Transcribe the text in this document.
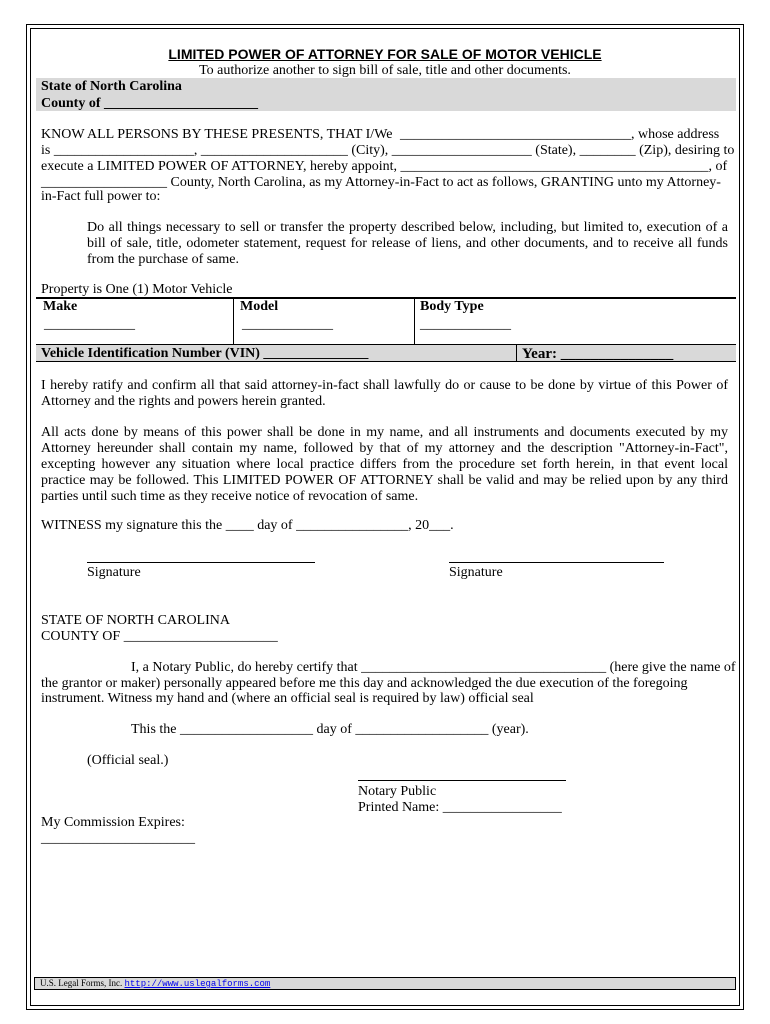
LIMITED POWER OF ATTORNEY FOR SALE OF MOTOR VEHICLE
To authorize another to sign bill of sale, title and other documents.
State of North Carolina
County of ______________________
KNOW ALL PERSONS BY THESE PRESENTS, THAT I/We _________________________________, whose address
is ____________________, _____________________ (City), ____________________ (State), ________ (Zip), desiring to
execute a LIMITED POWER OF ATTORNEY, hereby appoint, ____________________________________________, of
__________________ County, North Carolina, as my Attorney-in-Fact to act as follows, GRANTING unto my Attorney-
in-Fact full power to:
Do all things necessary to sell or transfer the property described below, including, but limited to, execution of a bill of sale, title, odometer statement, request for release of liens, and other documents, and to receive all funds from the purchase of same.
Property is One (1) Motor Vehicle
Make	Model	Body Type
_____________	_____________	_____________
Vehicle Identification Number (VIN) _______________	Year: _______________
I hereby ratify and confirm all that said attorney-in-fact shall lawfully do or cause to be done by virtue of this Power of Attorney and the rights and powers herein granted.
All acts done by means of this power shall be done in my name, and all instruments and documents executed by my Attorney hereunder shall contain my name, followed by that of my attorney and the description "Attorney-in-Fact", excepting however any situation where local practice differs from the procedure set forth herein, in that event local practice may be followed. This LIMITED POWER OF ATTORNEY shall be valid and may be relied upon by any third parties until such time as they receive notice of revocation of same.
WITNESS my signature this the ____ day of ________________, 20___.
Signature	Signature
STATE OF NORTH CAROLINA
COUNTY OF ______________________
I, a Notary Public, do hereby certify that ___________________________________ (here give the name of
the grantor or maker) personally appeared before me this day and acknowledged the due execution of the foregoing
instrument. Witness my hand and (where an official seal is required by law) official seal
This the ___________________ day of ___________________ (year).
(Official seal.)
Notary Public
Printed Name: _________________
My Commission Expires:
______________________
U.S. Legal Forms, Inc. http://www.uslegalforms.com
